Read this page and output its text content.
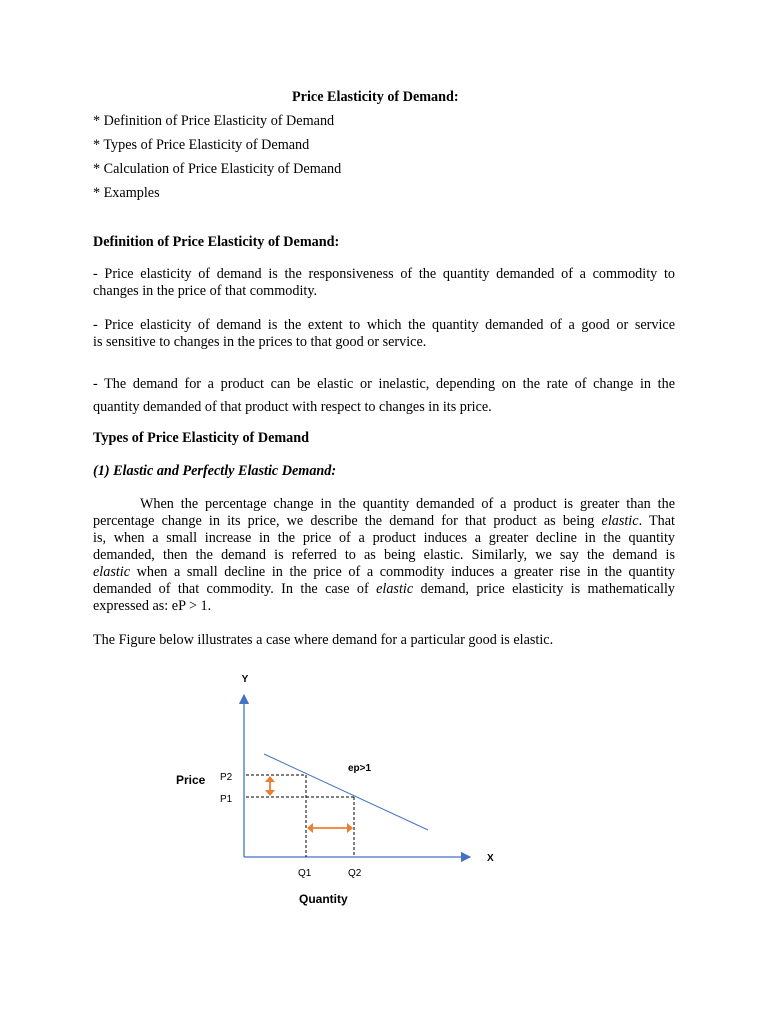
Price Elasticity of Demand:
* Definition of Price Elasticity of Demand
* Types of Price Elasticity of Demand
* Calculation of Price Elasticity of Demand
* Examples
Definition of Price Elasticity of Demand:
- Price elasticity of demand is the responsiveness of the quantity demanded of a commodity to
changes in the price of that commodity.
- Price elasticity of demand is the extent to which the quantity demanded of a good or service
is sensitive to changes in the prices to that good or service.
- The demand for a product can be elastic or inelastic, depending on the rate of change in the
quantity demanded of that product with respect to changes in its price.
Types of Price Elasticity of Demand
(1) Elastic and Perfectly Elastic Demand:
When the percentage change in the quantity demanded of a product is greater than the
percentage change in its price, we describe the demand for that product as being elastic. That
is, when a small increase in the price of a product induces a greater decline in the quantity
demanded, then the demand is referred to as being elastic. Similarly, we say the demand is
elastic when a small decline in the price of a commodity induces a greater rise in the quantity
demanded of that commodity. In the case of elastic demand, price elasticity is mathematically
expressed as: eP > 1.
The Figure below illustrates a case where demand for a particular good is elastic.
Y
X
Price P2
P1
Q1	Q2
Quantity
ep>1
